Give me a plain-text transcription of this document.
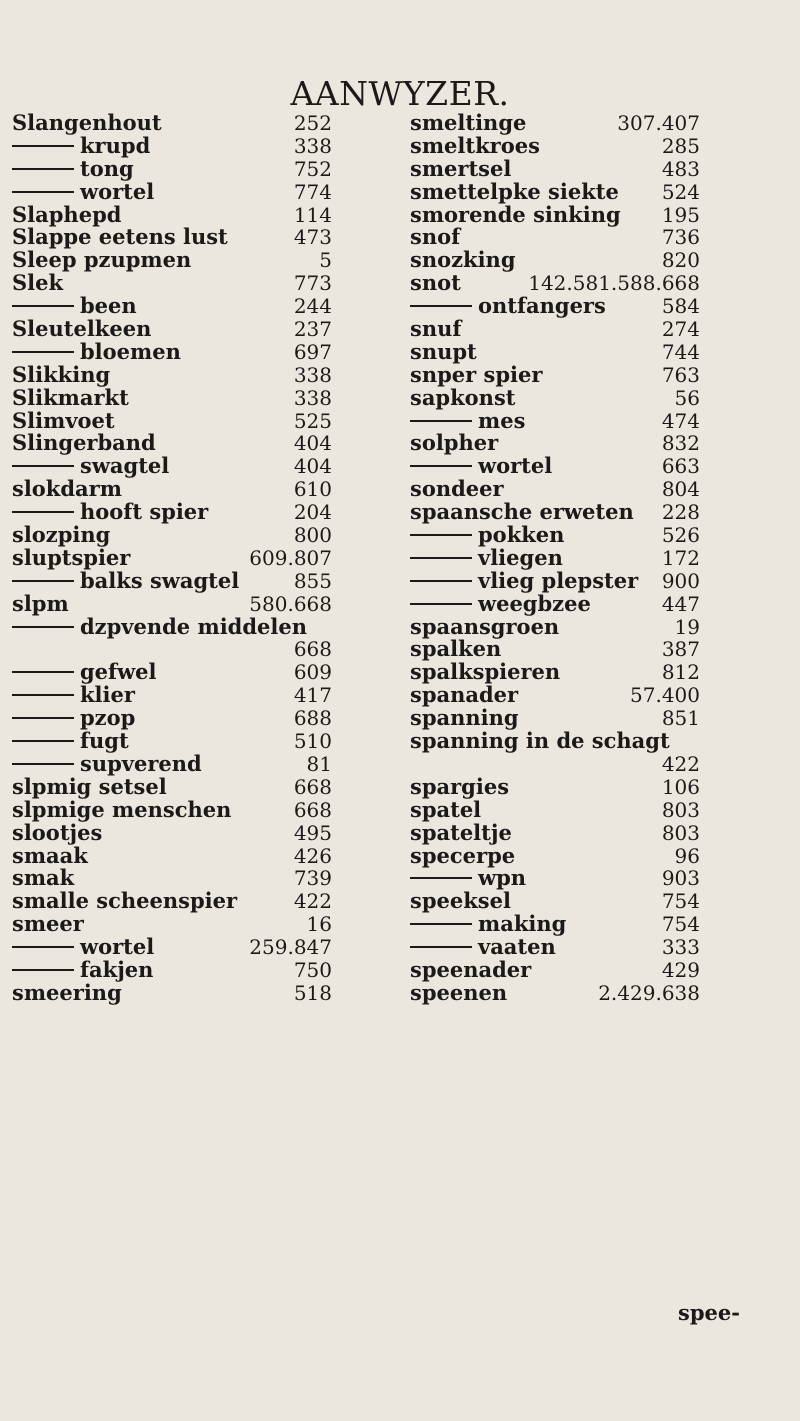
AANWYZER.
Slangenhout	252
krupd	338
tong	752
wortel	774
Slaphepd	114
Slappe eetens lust	473
Sleep pzupmen	5
Slek	773
been	244
Sleutelkeen	237
bloemen	697
Slikking	338
Slikmarkt	338
Slimvoet	525
Slingerband	404
swagtel	404
slokdarm	610
hooft spier	204
slozping	800
sluptspier	609.807
balks swagtel	855
slpm	580.668
dzpvende middelen
668
gefwel	609
klier	417
pzop	688
fugt	510
supverend	81
slpmig setsel	668
slpmige menschen	668
slootjes	495
smaak	426
smak	739
smalle scheenspier	422
smeer	16
wortel	259.847
fakjen	750
smeering	518
smeltinge	307.407
smeltkroes	285
smertsel	483
smettelpke siekte 524
smorende sinking 195
snof	736
snozking	820
snot	142.581.588.668
ontfangers	584
snuf	274
snupt	744
snper spier	763
sapkonst	56
mes	474
solpher	832
wortel	663
sondeer	804
spaansche erweten 228
pokken	526
vliegen	172
vlieg plepster 900
weegbzee	447
spaansgroen	19
spalken	387
spalkspieren	812
spanader	57.400
spanning	851
spanning in de schagt
422
spargies	106
spatel	803
spateltje	803
specerpe	96
wpn	903
speeksel	754
making	754
vaaten	333
speenader	429
speenen	2.429.638
spee-
